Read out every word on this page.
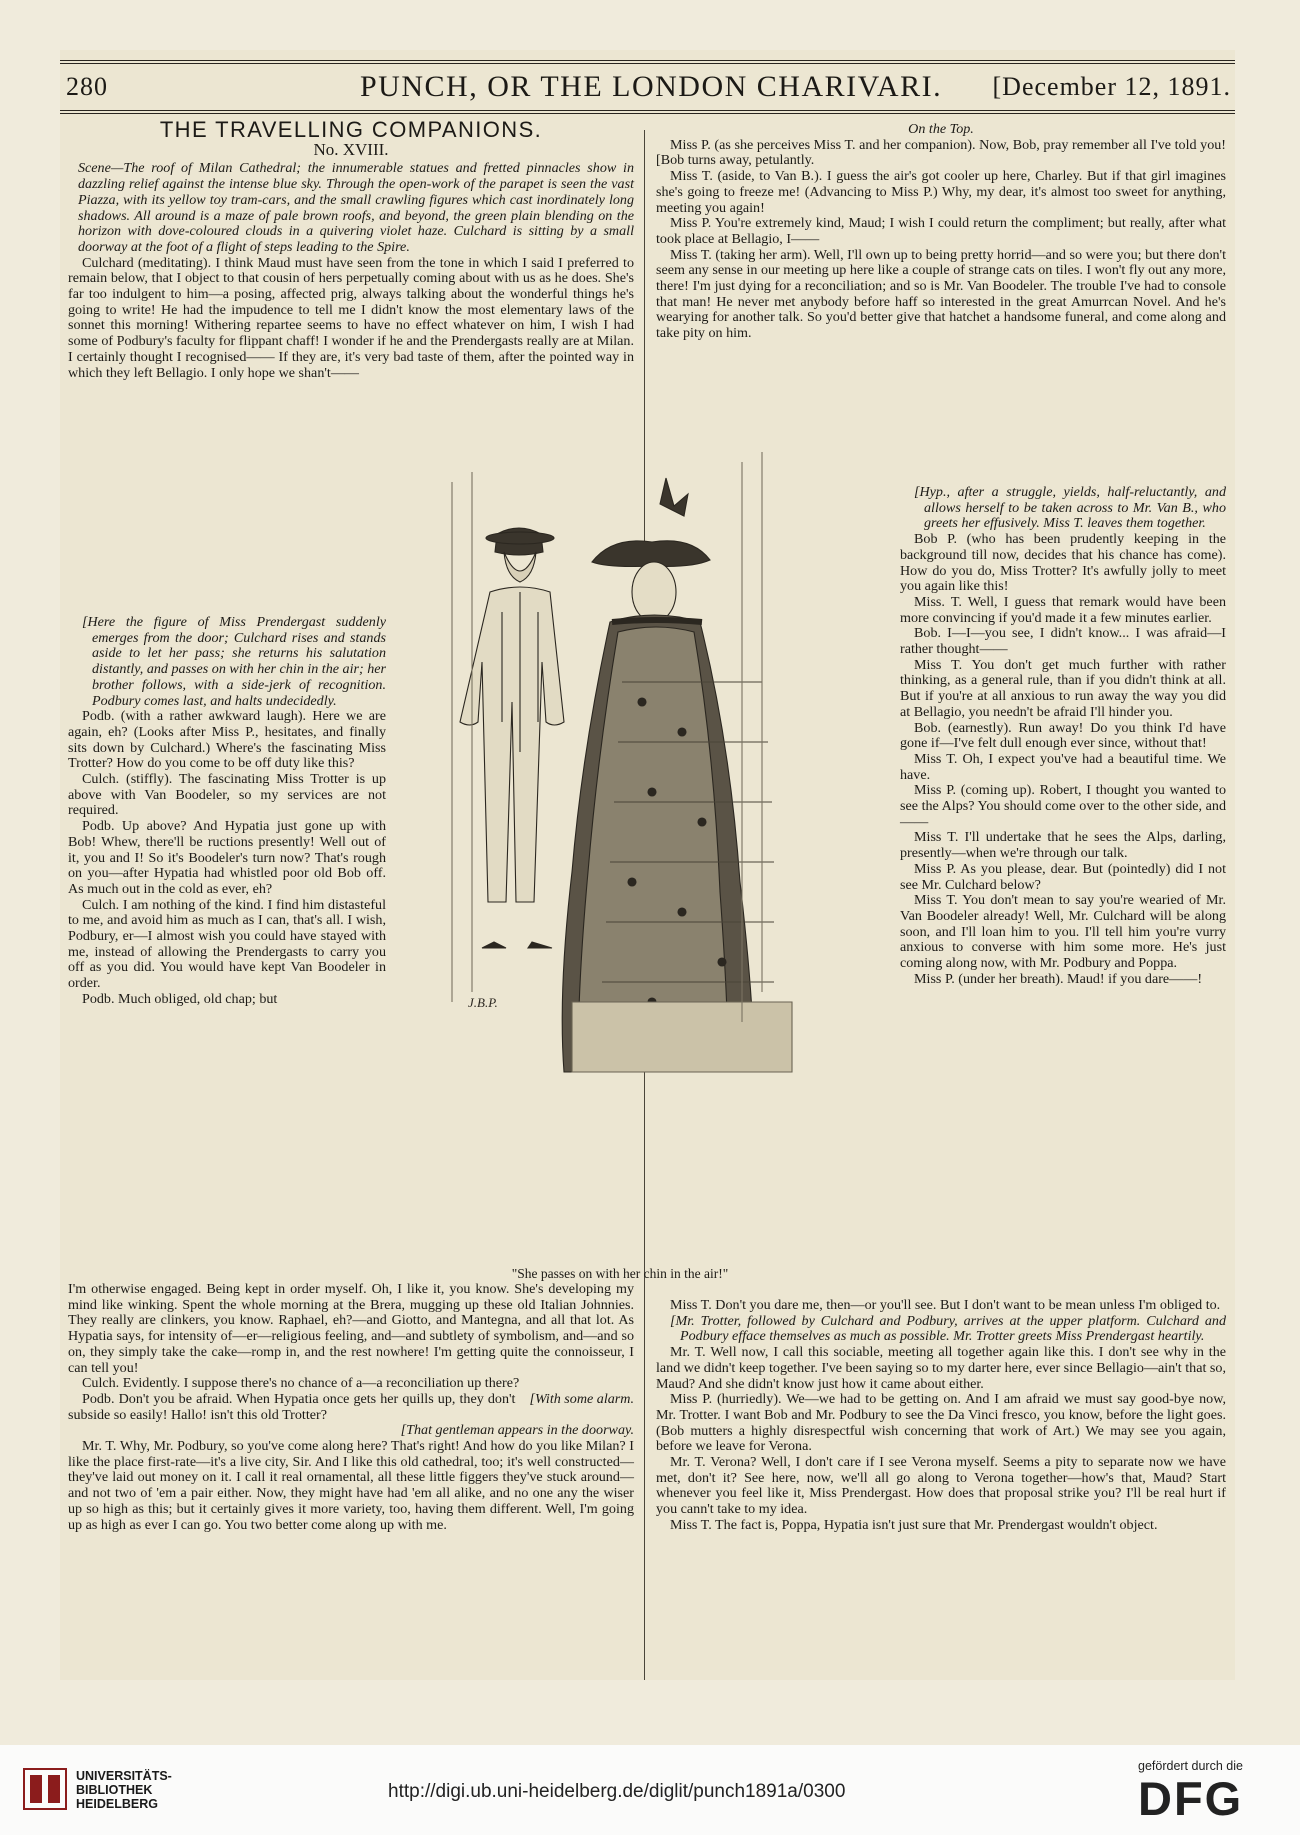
280	PUNCH, OR THE LONDON CHARIVARI. [December 12, 1891.
THE TRAVELLING COMPANIONS.
No. XVIII.

Scene—The roof of Milan Cathedral; the innumerable statues and fretted pinnacles show in dazzling relief against the intense blue sky. Through the open-work of the parapet is seen the vast Piazza, with its yellow toy tram-cars, and the small crawling figures which cast inordinately long shadows. All around is a maze of pale brown roofs, and beyond, the green plain blending on the horizon with dove-coloured clouds in a quivering violet haze. Culchard is sitting by a small doorway at the foot of a flight of steps leading to the Spire.

Culchard (meditating). I think Maud must have seen from the tone in which I said I preferred to remain below, that I object to that cousin of hers perpetually coming about with us as he does. She's far too indulgent to him—a posing, affected prig, always talking about the wonderful things he's going to write! He had the impudence to tell me I didn't know the most elementary laws of the sonnet this morning! Withering repartee seems to have no effect whatever on him, I wish I had some of Podbury's faculty for flippant chaff! I wonder if he and the Prendergasts really are at Milan. I certainly thought I recognised—— If they are, it's very bad taste of them, after the pointed way in which they left Bellagio. I only hope we shan't——

[Here the figure of Miss Prendergast suddenly emerges from the door; Culchard rises and stands aside to let her pass; she returns his salutation distantly, and passes on with her chin in the air; her brother follows, with a side-jerk of recognition. Podbury comes last, and halts undecidedly.

Podb. (with a rather awkward laugh). Here we are again, eh? (Looks after Miss P., hesitates, and finally sits down by Culchard.) Where's the fascinating Miss Trotter? How do you come to be off duty like this?

Culch. (stiffly). The fascinating Miss Trotter is up above with Van Boodeler, so my services are not required.

Podb. Up above? And Hypatia just gone up with Bob! Whew, there'll be ructions presently! Well out of it, you and I! So it's Boodeler's turn now? That's rough on you—after Hypatia had whistled poor old Bob off. As much out in the cold as ever, eh?

Culch. I am nothing of the kind. I find him distasteful to me, and avoid him as much as I can, that's all. I wish, Podbury, er—I almost wish you could have stayed with me, instead of allowing the Prendergasts to carry you off as you did. You would have kept Van Boodeler in order.

Podb. Much obliged, old chap; but	J.B.P.
"She passes on with her chin in the air!"

I'm otherwise engaged. Being kept in order myself. Oh, I like it, you know. She's developing my mind like winking. Spent the whole morning at the Brera, mugging up these old Italian Johnnies. They really are clinkers, you know. Raphael, eh?—and Giotto, and Mantegna, and all that lot. As Hypatia says, for intensity of—er—religious feeling, and—and subtlety of symbolism, and—and so on, they simply take the cake—romp in, and the rest nowhere! I'm getting quite the connoisseur, I can tell you!

Culch. Evidently. I suppose there's no chance of a—a reconciliation up there?
[With some alarm.

Podb. Don't you be afraid. When Hypatia once gets her quills up, they don't subside so easily! Hallo! isn't this old Trotter?

[That gentleman appears in the doorway.

Mr. T. Why, Mr. Podbury, so you've come along here? That's right! And how do you like Milan? I like the place first-rate—it's a live city, Sir. And I like this old cathedral, too; it's well constructed—they've laid out money on it. I call it real ornamental, all these little figgers they've stuck around—and not two of 'em a pair either. Now, they might have had 'em all alike, and no one any the wiser up so high as this; but it certainly gives it more variety, too, having them different. Well, I'm going up as high as ever I can go. You two better come along up with me.

On the Top.

Miss P. (as she perceives Miss T. and her companion). Now, Bob, pray remember all I've told you! [Bob turns away, petulantly.

Miss T. (aside, to Van B.). I guess the air's got cooler up here, Charley. But if that girl imagines she's going to freeze me! (Advancing to Miss P.) Why, my dear, it's almost too sweet for anything, meeting you again!

Miss P. You're extremely kind, Maud; I wish I could return the compliment; but really, after what took place at Bellagio, I——

Miss T. (taking her arm). Well, I'll own up to being pretty horrid—and so were you; but there don't seem any sense in our meeting up here like a couple of strange cats on tiles. I won't fly out any more, there! I'm just dying for a reconciliation; and so is Mr. Van Boodeler. The trouble I've had to console that man! He never met anybody before haff so interested in the great Amurrcan Novel. And he's wearying for another talk. So you'd better give that hatchet a handsome funeral, and come along and take pity on him.

[Hyp., after a struggle, yields, half-reluctantly, and allows herself to be taken across to Mr. Van B., who greets her effusively. Miss T. leaves them together.

Bob P. (who has been prudently keeping in the background till now, decides that his chance has come). How do you do, Miss Trotter? It's awfully jolly to meet you again like this!

Miss. T. Well, I guess that remark would have been more convincing if you'd made it a few minutes earlier.

Bob. I—I—you see, I didn't know... I was afraid—I rather thought——

Miss T. You don't get much further with rather thinking, as a general rule, than if you didn't think at all. But if you're at all anxious to run away the way you did at Bellagio, you needn't be afraid I'll hinder you.

Bob. (earnestly). Run away! Do you think I'd have gone if—I've felt dull enough ever since, without that!

Miss T. Oh, I expect you've had a beautiful time. We have.

Miss P. (coming up). Robert, I thought you wanted to see the Alps? You should come over to the other side, and——

Miss T. I'll undertake that he sees the Alps, darling, presently—when we're through our talk.

Miss P. As you please, dear. But (pointedly) did I not see Mr. Culchard below?

Miss T. You don't mean to say you're wearied of Mr. Van Boodeler already! Well, Mr. Culchard will be along soon, and I'll loan him to you. I'll tell him you're vurry anxious to converse with him some more. He's just coming along now, with Mr. Podbury and Poppa.

Miss P. (under her breath). Maud! if you dare——!

Miss T. Don't you dare me, then—or you'll see. But I don't want to be mean unless I'm obliged to.

[Mr. Trotter, followed by Culchard and Podbury, arrives at the upper platform. Culchard and Podbury efface themselves as much as possible. Mr. Trotter greets Miss Prendergast heartily.

Mr. T. Well now, I call this sociable, meeting all together again like this. I don't see why in the land we didn't keep together. I've been saying so to my darter here, ever since Bellagio—ain't that so, Maud? And she didn't know just how it came about either.

Miss P. (hurriedly). We—we had to be getting on. And I am afraid we must say good-bye now, Mr. Trotter. I want Bob and Mr. Podbury to see the Da Vinci fresco, you know, before the light goes. (Bob mutters a highly disrespectful wish concerning that work of Art.) We may see you again, before we leave for Verona.

Mr. T. Verona? Well, I don't care if I see Verona myself. Seems a pity to separate now we have met, don't it? See here, now, we'll all go along to Verona together—how's that, Maud? Start whenever you feel like it, Miss Prendergast. How does that proposal strike you? I'll be real hurt if you cann't take to my idea.

Miss T. The fact is, Poppa, Hypatia isn't just sure that Mr. Prendergast wouldn't object.

UNIVERSITÄTS-
BIBLIOTHEK
HEIDELBERG
http://digi.ub.uni-heidelberg.de/diglit/punch1891a/0300
gefördert durch die
DFG
